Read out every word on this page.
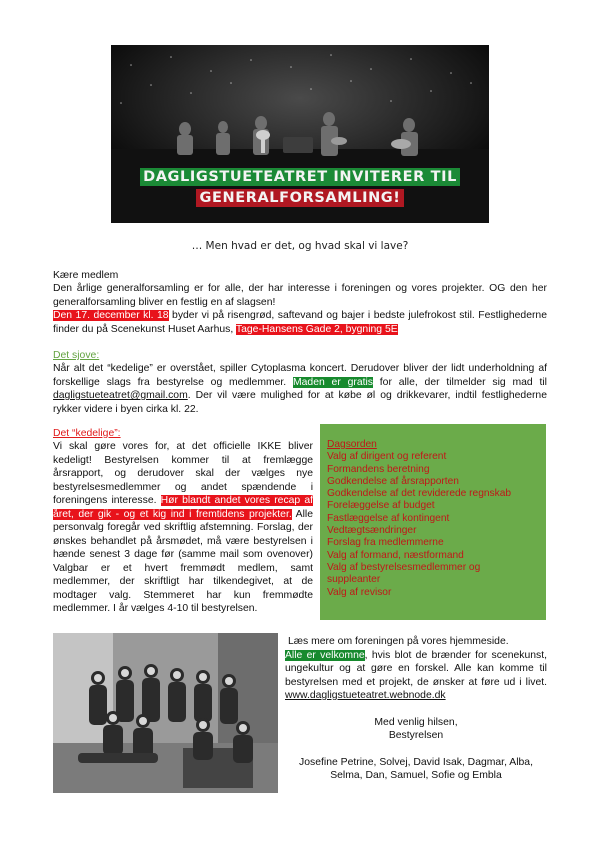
DAGLIGSTUETEATRET INVITERER TIL
GENERALFORSAMLING!
… Men hvad er det, og hvad skal vi lave?
Kære medlem
Den årlige generalforsamling er for alle, der har interesse i foreningen og vores projekter. OG den her generalforsamling bliver en festlig en af slagsen!
Den 17. december kl. 18 byder vi på risengrød, saftevand og bajer i bedste julefrokost stil. Festlighederne finder du på Scenekunst Huset Aarhus, Tage-Hansens Gade 2, bygning 5E
Det sjove:
Når alt det “kedelige” er overstået, spiller Cytoplasma koncert. Derudover bliver der lidt underholdning af forskellige slags fra bestyrelse og medlemmer. Maden er gratis for alle, der tilmelder sig mad til dagligstueteatret@gmail.com. Der vil være mulighed for at købe øl og drikkevarer, indtil festlighederne rykker videre i byen cirka kl. 22.
Det “kedelige”:
Vi skal gøre vores for, at det officielle IKKE bliver kedeligt! Bestyrelsen kommer til at fremlægge årsrapport, og derudover skal der vælges nye bestyrelsesmedlemmer og andet spændende i foreningens interesse. Hør blandt andet vores recap af året, der gik - og et kig ind i fremtidens projekter. Alle personvalg foregår ved skriftlig afstemning. Forslag, der ønskes behandlet på årsmødet, må være bestyrelsen i hænde senest 3 dage før (samme mail som ovenover) Valgbar er et hvert fremmødt medlem, samt medlemmer, der skriftligt har tilkendegivet, at de modtager valg. Stemmeret har kun fremmødte medlemmer. I år vælges 4-10 til bestyrelsen.
Dagsorden
Valg af dirigent og referent
Formandens beretning
Godkendelse af årsrapporten
Godkendelse af det reviderede regnskab
Forelæggelse af budget
Fastlæggelse af kontingent
Vedtægtsændringer
Forslag fra medlemmerne
Valg af formand, næstformand
Valg af bestyrelsesmedlemmer og
suppleanter
Valg af revisor
Læs mere om foreningen på vores hjemmeside.
Alle er velkomne, hvis blot de brænder for scenekunst, ungekultur og at gøre en forskel. Alle kan komme til bestyrelsen med et projekt, de ønsker at føre ud i livet. www.dagligstueteatret.webnode.dk
Med venlig hilsen,
Bestyrelsen
Josefine Petrine, Solvej, David Isak, Dagmar, Alba, Selma, Dan, Samuel, Sofie og Embla
